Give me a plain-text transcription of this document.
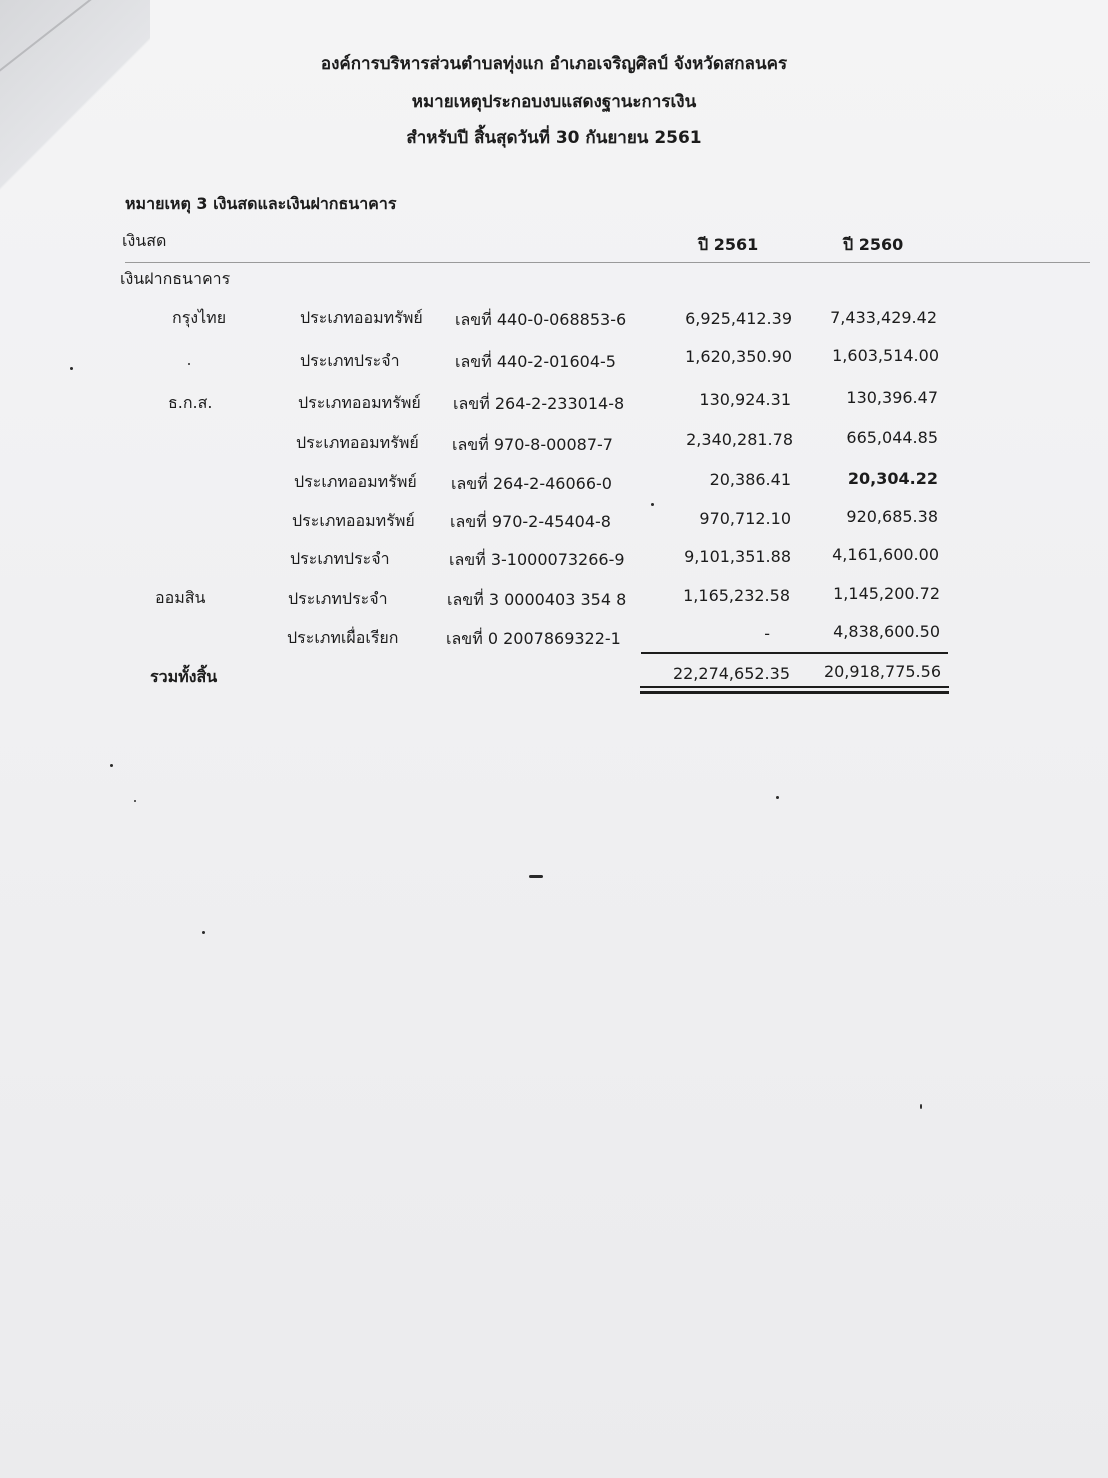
องค์การบริหารส่วนตำบลทุ่งแก อำเภอเจริญศิลป์ จังหวัดสกลนคร
หมายเหตุประกอบงบแสดงฐานะการเงิน
สำหรับปี สิ้นสุดวันที่ 30 กันยายน 2561
หมายเหตุ 3 เงินสดและเงินฝากธนาคาร
เงินสด	ปี 2561	ปี 2560
เงินฝากธนาคาร
กรุงไทย	ประเภทออมทรัพย์ เลขที่ 440-0-068853-6	6,925,412.39 7,433,429.42
ประเภทประจำ	เลขที่ 440-2-01604-5	1,620,350.90	1,603,514.00
ธ.ก.ส.	ประเภทออมทรัพย์ เลขที่ 264-2-233014-8	130,924.31	130,396.47
ประเภทออมทรัพย์ เลขที่ 970-8-00087-7	2,340,281.78	665,044.85
ประเภทออมทรัพย์ เลขที่ 264-2-46066-0	20,386.41	20,304.22
ประเภทออมทรัพย์ เลขที่ 970-2-45404-8	970,712.10	920,685.38
ประเภทประจำ	เลขที่ 3-1000073266-9	9,101,351.88	4,161,600.00
ออมสิน	ประเภทประจำ	เลขที่ 3 0000403 354 8	1,165,232.58	1,145,200.72
ประเภทเผื่อเรียก	เลขที่ 0 2007869322-1	-	4,838,600.50
รวมทั้งสิ้น	22,274,652.35 20,918,775.56
